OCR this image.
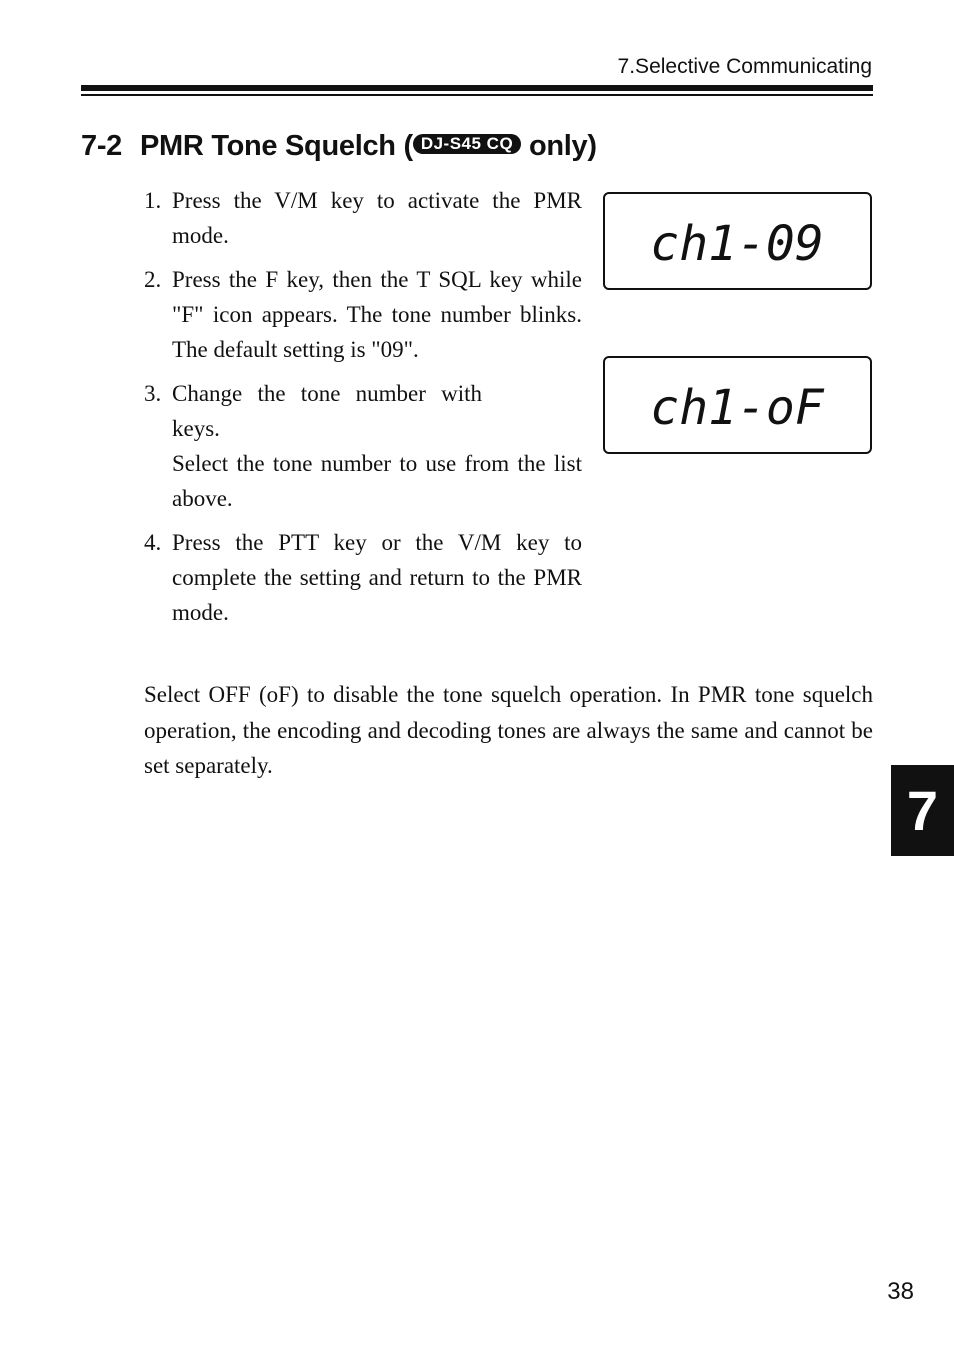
7.Selective Communicating
7-2 PMR Tone Squelch ( DJ-S45 CQ only)
1. Press the V/M key to activate the PMR mode.

2. Press the F key, then the T SQL key while "F" icon appears. The tone number blinks. The default setting is "09".

3. Change the tone number with keys.

Select the tone number to use from the list above.

4. Press the PTT key or the V/M key to complete the setting and return to the PMR mode.

ch1-09
ch1-oF

Select OFF (oF) to disable the tone squelch operation. In PMR tone squelch operation, the encoding and decoding tones are always the same and cannot be set separately.

7
38
